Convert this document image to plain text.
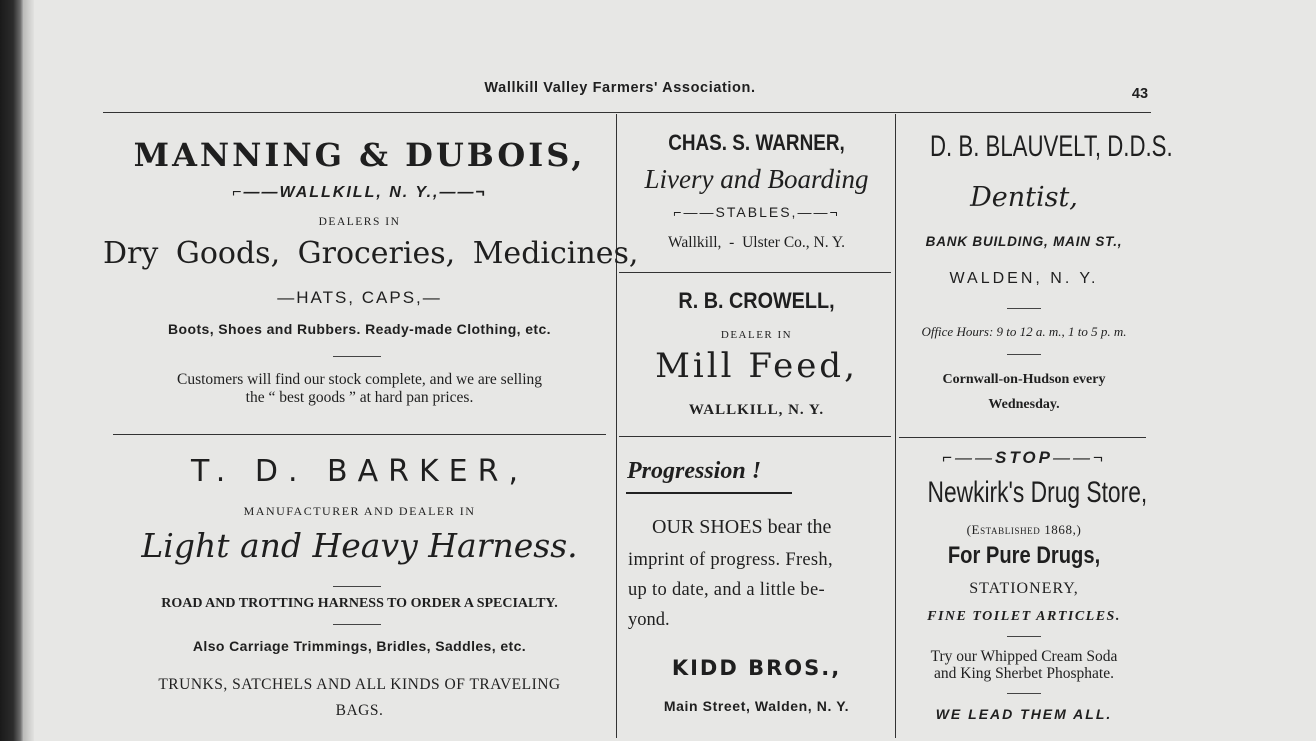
Wallkill Valley Farmers' Association.	43
MANNING & DUBOIS,
⌐——WALLKILL, N. Y.,——¬
DEALERS IN
Dry Goods, Groceries, Medicines,
—HATS, CAPS,—
Boots, Shoes and Rubbers. Ready-made Clothing, etc.
Customers will find our stock complete, and we are selling
the “ best goods ” at hard pan prices.
T. D. BARKER,
MANUFACTURER AND DEALER IN
Light and Heavy Harness.
ROAD AND TROTTING HARNESS TO ORDER A SPECIALTY.
Also Carriage Trimmings, Bridles, Saddles, etc.
TRUNKS, SATCHELS AND ALL KINDS OF TRAVELING
BAGS.
CHAS. S. WARNER,
Livery and Boarding
⌐——STABLES,——¬
Wallkill,  -  Ulster Co., N. Y.
R. B. CROWELL,
DEALER IN
Mill Feed,
WALLKILL, N. Y.
Progression !
OUR SHOES bear the
imprint of progress. Fresh,
up to date, and a little be-
yond.
KIDD BROS.,
Main Street, Walden, N. Y.
D. B. BLAUVELT, D.D.S.
Dentist,
BANK BUILDING, MAIN ST.,
WALDEN, N. Y.
Office Hours: 9 to 12 a. m., 1 to 5 p. m.
Cornwall-on-Hudson every
Wednesday.
⌐——STOP——¬
Newkirk's Drug Store,
(Established 1868,)
For Pure Drugs,
STATIONERY,
FINE TOILET ARTICLES.
Try our Whipped Cream Soda
and King Sherbet Phosphate.
WE LEAD THEM ALL.
